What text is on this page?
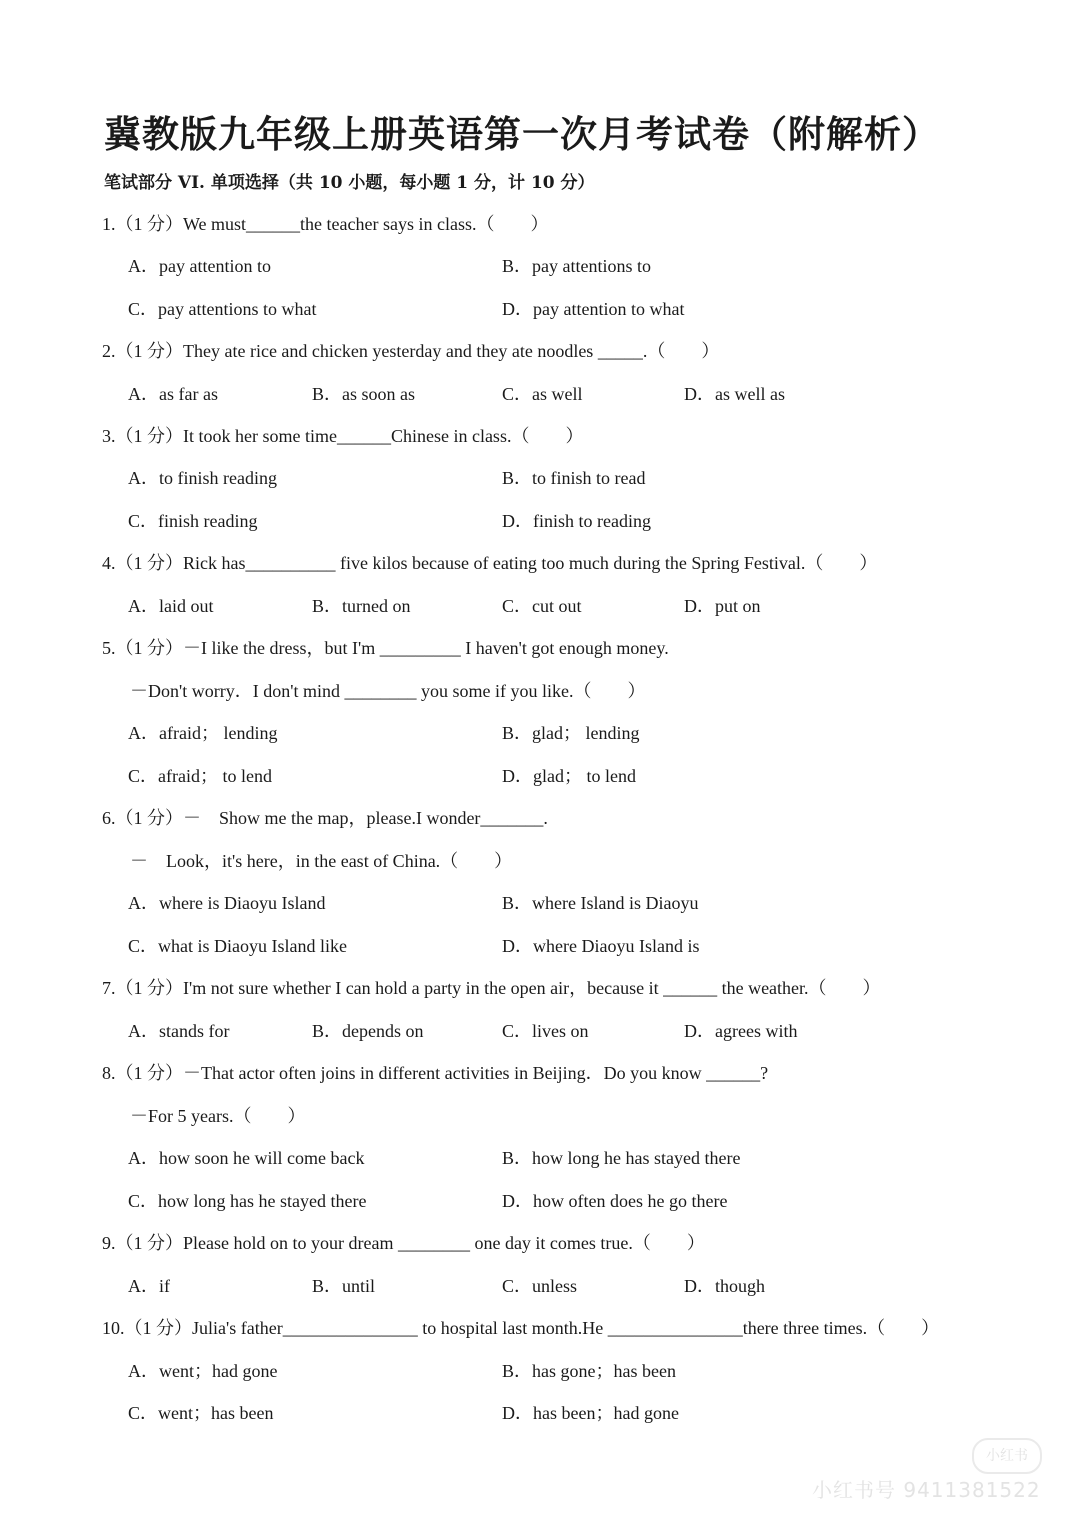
冀教版九年级上册英语第一次月考试卷（附解析）
笔试部分 VI. 单项选择（共 10 小题，每小题 1 分，计 10 分）
1.（1 分）We must______the teacher says in class.（　　）
A．pay attention to	B．pay attentions to
C．pay attentions to what	D．pay attention to what
2.（1 分）They ate rice and chicken yesterday and they ate noodles _____.（　　）
A．as far as	B．as soon as	C．as well	D．as well as
3.（1 分）It took her some time______Chinese in class.（　　）
A．to finish reading	B．to finish to read
C．finish reading	D．finish to reading
4.（1 分）Rick has__________ five kilos because of eating too much during the Spring Festival.（　　）
A．laid out	B．turned on	C．cut out	D．put on
5.（1 分）－I like the dress，but I'm _________ I haven't got enough money.
－Don't worry．I don't mind ________ you some if you like.（　　）
A．afraid； lending	B．glad； lending
C．afraid； to lend	D．glad； to lend
6.（1 分）－　Show me the map，please.I wonder_______.
－　Look，it's here，in the east of China.（　　）
A．where is Diaoyu Island	B．where Island is Diaoyu
C．what is Diaoyu Island like	D．where Diaoyu Island is
7.（1 分）I'm not sure whether I can hold a party in the open air，because it ______ the weather.（　　）
A．stands for	B．depends on	C．lives on	D．agrees with
8.（1 分）－That actor often joins in different activities in Beijing．Do you know ______?
－For 5 years.（　　）
A．how soon he will come back	B．how long he has stayed there
C．how long has he stayed there	D．how often does he go there
9.（1 分）Please hold on to your dream ________ one day it comes true.（　　）
A．if	B．until	C．unless	D．though
10.（1 分）Julia's father_______________ to hospital last month.He _______________there three times.（　　）
A．went；had gone	B．has gone；has been
C．went；has been	D．has been；had gone
小红书
小红书号 9411381522
